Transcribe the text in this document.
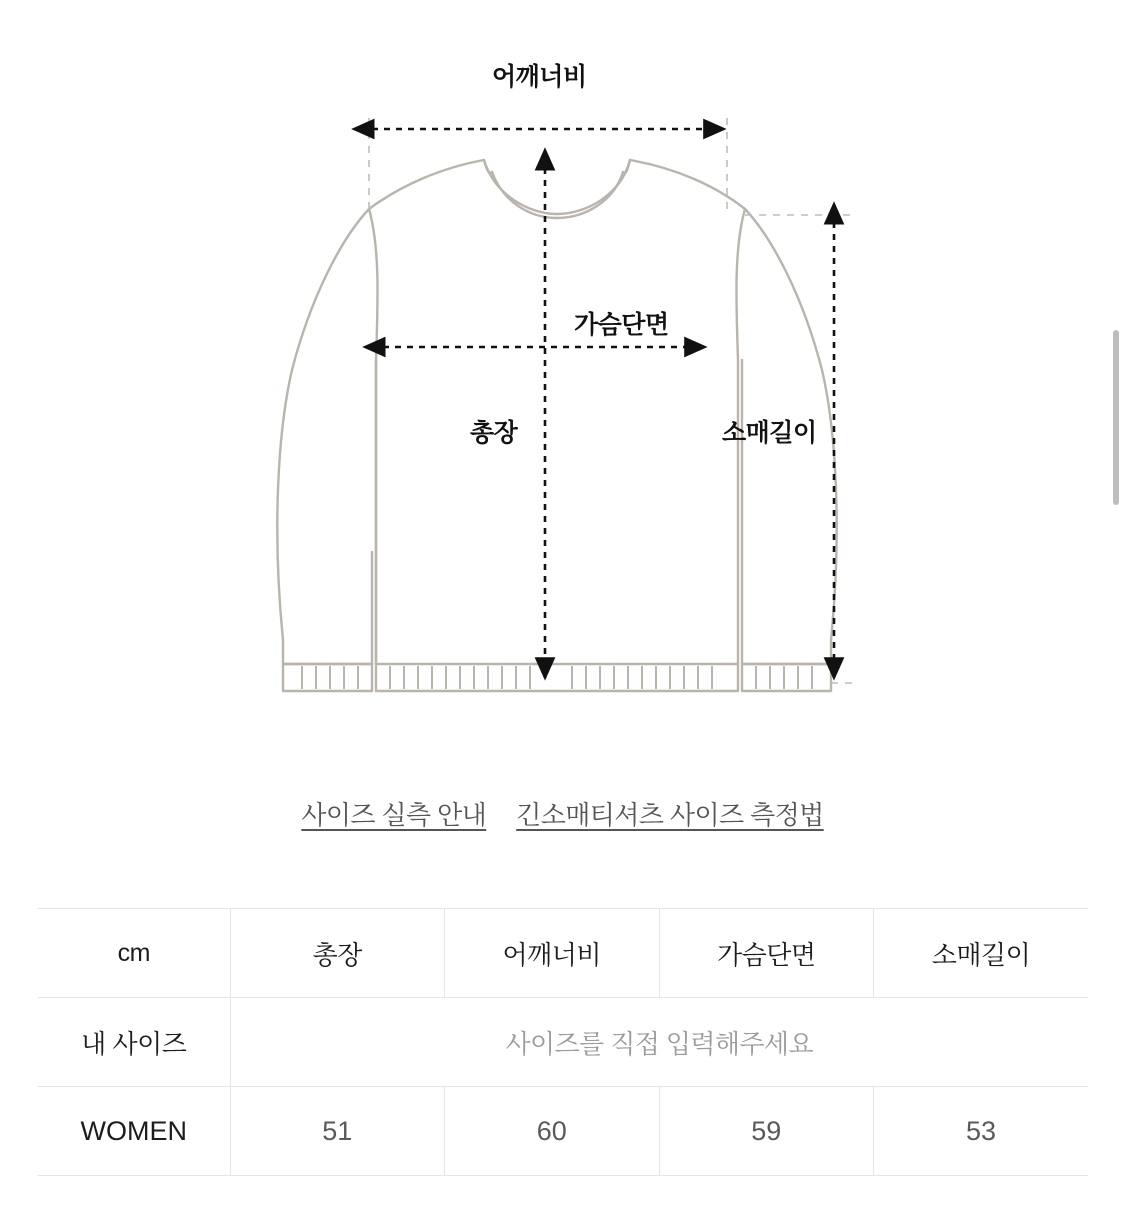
어깨너비
가슴단면
총장	소매길이
사이즈 실측 안내 긴소매티셔츠 사이즈 측정법
cm	총장	어깨너비	가슴단면	소매길이
내 사이즈	사이즈를 직접 입력해주세요			
WOMEN	51	60	59	53
